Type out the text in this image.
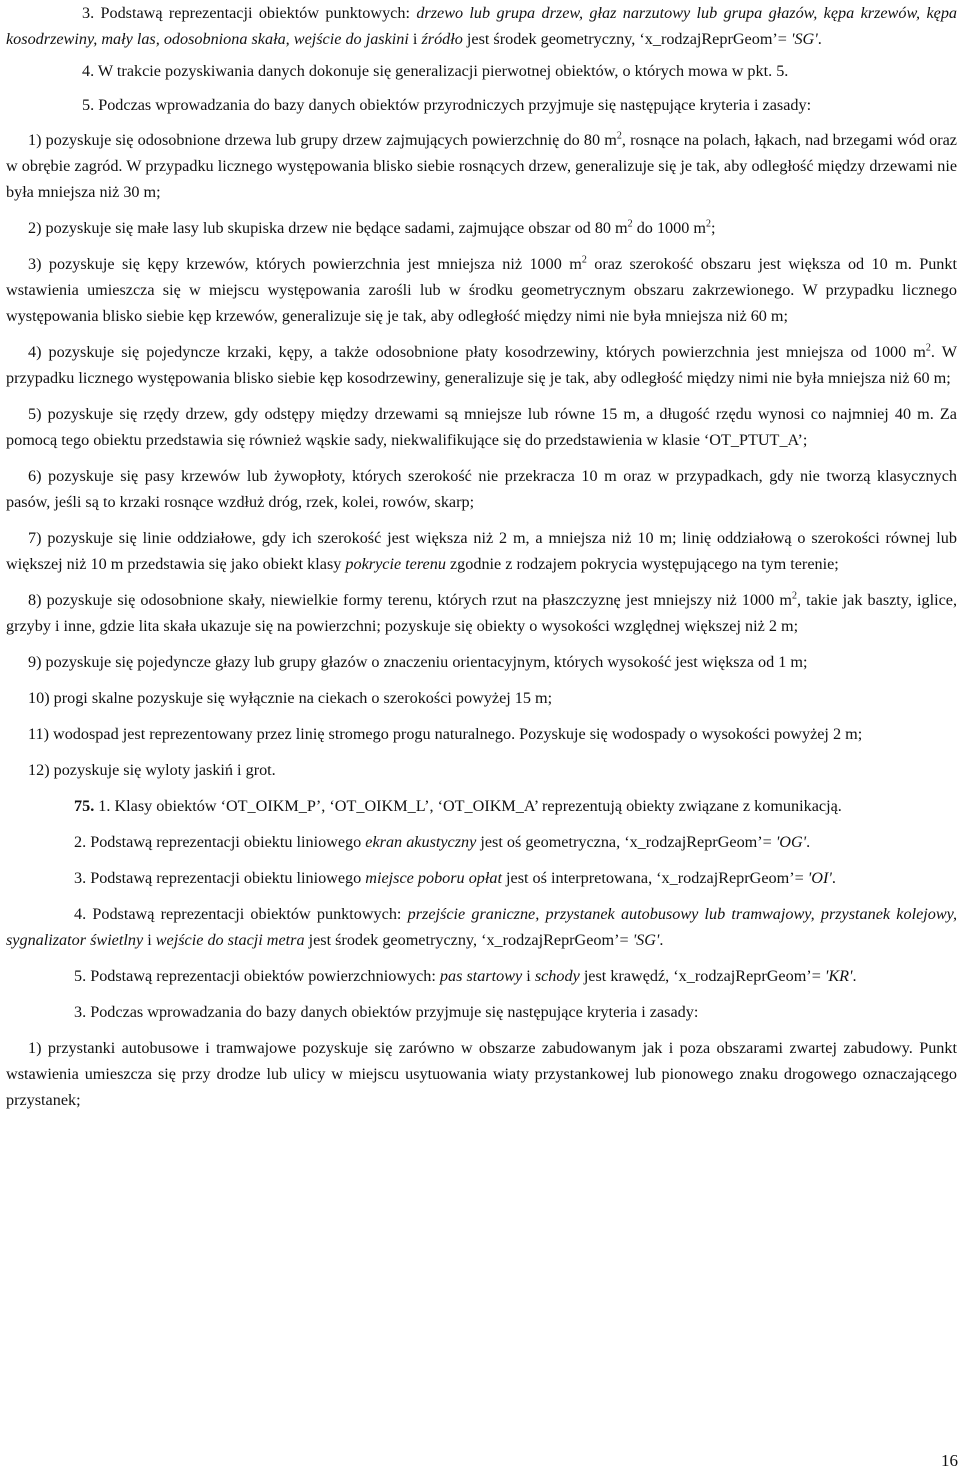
3. Podstawą reprezentacji obiektów punktowych: drzewo lub grupa drzew, głaz narzutowy lub grupa głazów, kępa krzewów, kępa kosodrzewiny, mały las, odosobniona skała, wejście do jaskini i źródło jest środek geometryczny, ‘x_rodzajReprGeom’= 'SG'.

4. W trakcie pozyskiwania danych dokonuje się generalizacji pierwotnej obiektów, o których mowa w pkt. 5.

5. Podczas wprowadzania do bazy danych obiektów przyrodniczych przyjmuje się następujące kryteria i zasady:

1) pozyskuje się odosobnione drzewa lub grupy drzew zajmujących powierzchnię do 80 $m^2$, rosnące na polach, łąkach, nad brzegami wód oraz w obrębie zagród. W przypadku licznego występowania blisko siebie rosnących drzew, generalizuje się je tak, aby odległość między drzewami nie była mniejsza niż 30 m;

2) pozyskuje się małe lasy lub skupiska drzew nie będące sadami, zajmujące obszar od 80 $m^2$ do 1000 $m^2$;

3) pozyskuje się kępy krzewów, których powierzchnia jest mniejsza niż 1000 $m^2$ oraz szerokość obszaru jest większa od 10 m. Punkt wstawienia umieszcza się w miejscu występowania zarośli lub w środku geometrycznym obszaru zakrzewionego. W przypadku licznego występowania blisko siebie kęp krzewów, generalizuje się je tak, aby odległość między nimi nie była mniejsza niż 60 m;

4) pozyskuje się pojedyncze krzaki, kępy, a także odosobnione płaty kosodrzewiny, których powierzchnia jest mniejsza od 1000 $m^2$. W przypadku licznego występowania blisko siebie kęp kosodrzewiny, generalizuje się je tak, aby odległość między nimi nie była mniejsza niż 60 m;

5) pozyskuje się rzędy drzew, gdy odstępy między drzewami są mniejsze lub równe 15 m, a długość rzędu wynosi co najmniej 40 m. Za pomocą tego obiektu przedstawia się również wąskie sady, niekwalifikujące się do przedstawienia w klasie ‘OT_PTUT_A’;

6) pozyskuje się pasy krzewów lub żywopłoty, których szerokość nie przekracza 10 m oraz w przypadkach, gdy nie tworzą klasycznych pasów, jeśli są to krzaki rosnące wzdłuż dróg, rzek, kolei, rowów, skarp;

7) pozyskuje się linie oddziałowe, gdy ich szerokość jest większa niż 2 m, a mniejsza niż 10 m; linię oddziałową o szerokości równej lub większej niż 10 m przedstawia się jako obiekt klasy pokrycie terenu zgodnie z rodzajem pokrycia występującego na tym terenie;

8) pozyskuje się odosobnione skały, niewielkie formy terenu, których rzut na płaszczyznę jest mniejszy niż 1000 $m^2$, takie jak baszty, iglice, grzyby i inne, gdzie lita skała ukazuje się na powierzchni; pozyskuje się obiekty o wysokości względnej większej niż 2 m;

9) pozyskuje się pojedyncze głazy lub grupy głazów o znaczeniu orientacyjnym, których wysokość jest większa od 1 m;

10) progi skalne pozyskuje się wyłącznie na ciekach o szerokości powyżej 15 m;

11) wodospad jest reprezentowany przez linię stromego progu naturalnego. Pozyskuje się wodospady o wysokości powyżej 2 m;

12) pozyskuje się wyloty jaskiń i grot.

75. 1. Klasy obiektów ‘OT_OIKM_P’, ‘OT_OIKM_L’, ‘OT_OIKM_A’ reprezentują obiekty związane z komunikacją.

2. Podstawą reprezentacji obiektu liniowego ekran akustyczny jest oś geometryczna, ‘x_rodzajReprGeom’= 'OG'.

3. Podstawą reprezentacji obiektu liniowego miejsce poboru opłat jest oś interpretowana, ‘x_rodzajReprGeom’= 'OI'.

4. Podstawą reprezentacji obiektów punktowych: przejście graniczne, przystanek autobusowy lub tramwajowy, przystanek kolejowy, sygnalizator świetlny i wejście do stacji metra jest środek geometryczny, ‘x_rodzajReprGeom’= 'SG'.

5. Podstawą reprezentacji obiektów powierzchniowych: pas startowy i schody jest krawędź, ‘x_rodzajReprGeom’= 'KR'.

3. Podczas wprowadzania do bazy danych obiektów przyjmuje się następujące kryteria i zasady:

1) przystanki autobusowe i tramwajowe pozyskuje się zarówno w obszarze zabudowanym jak i poza obszarami zwartej zabudowy. Punkt wstawienia umieszcza się przy drodze lub ulicy w miejscu usytuowania wiaty przystankowej lub pionowego znaku drogowego oznaczającego przystanek;

16
